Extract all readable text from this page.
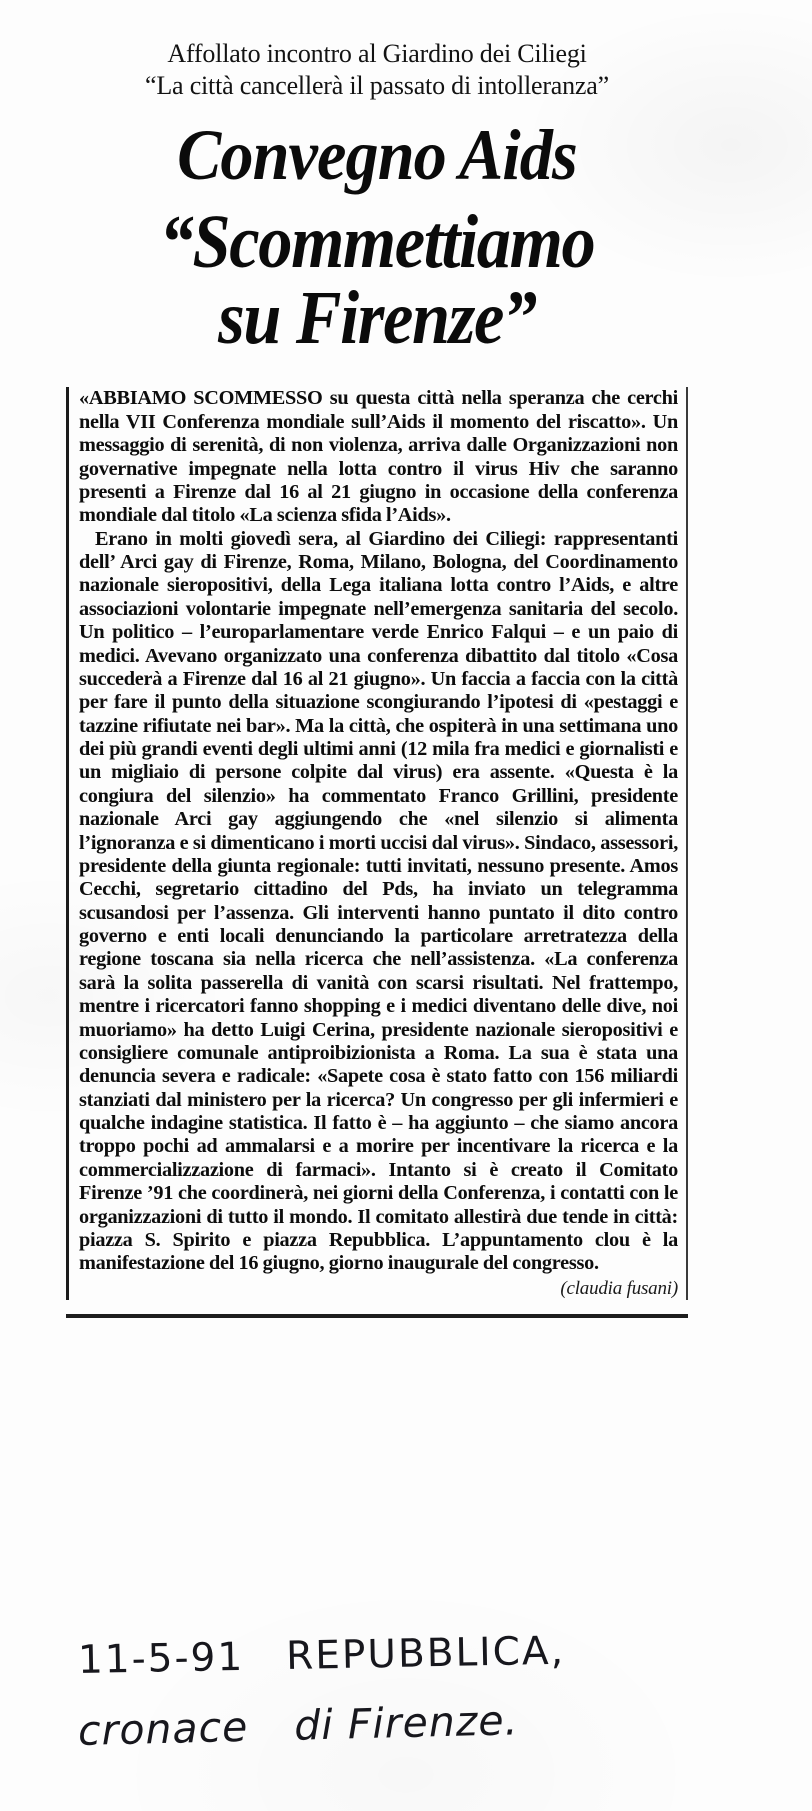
Affollato incontro al Giardino dei Ciliegi
“La città cancellerà il passato di intolleranza”
Convegno Aids
“Scommettiamo
su Firenze”

«ABBIAMO SCOMMESSO su questa città nella speranza che cerchi nella VII Conferenza mondiale sull’Aids il momento del riscatto». Un messaggio di serenità, di non violenza, arriva dalle Organizzazioni non governative impegnate nella lotta contro il virus Hiv che saranno presenti a Firenze dal 16 al 21 giugno in occasione della conferenza mondiale dal titolo «La scienza sfida l’Aids».

Erano in molti giovedì sera, al Giardino dei Ciliegi: rappresentanti dell’ Arci gay di Firenze, Roma, Milano, Bologna, del Coordinamento nazionale sieropositivi, della Lega italiana lotta contro l’Aids, e altre associazioni volontarie impegnate nell’emergenza sanitaria del secolo. Un politico – l’europarlamentare verde Enrico Falqui – e un paio di medici. Avevano organizzato una conferenza dibattito dal titolo «Cosa succederà a Firenze dal 16 al 21 giugno». Un faccia a faccia con la città per fare il punto della situazione scongiurando l’ipotesi di «pestaggi e tazzine rifiutate nei bar». Ma la città, che ospiterà in una settimana uno dei più grandi eventi degli ultimi anni (12 mila fra medici e giornalisti e un migliaio di persone colpite dal virus) era assente. «Questa è la congiura del silenzio» ha commentato Franco Grillini, presidente nazionale Arci gay aggiungendo che «nel silenzio si alimenta l’ignoranza e si dimenticano i morti uccisi dal virus». Sindaco, assessori, presidente della giunta regionale: tutti invitati, nessuno presente. Amos Cecchi, segretario cittadino del Pds, ha inviato un telegramma scusandosi per l’assenza. Gli interventi hanno puntato il dito contro governo e enti locali denunciando la particolare arretratezza della regione toscana sia nella ricerca che nell’assistenza. «La conferenza sarà la solita passerella di vanità con scarsi risultati. Nel frattempo, mentre i ricercatori fanno shopping e i medici diventano delle dive, noi muoriamo» ha detto Luigi Cerina, presidente nazionale sieropositivi e consigliere comunale antiproibizionista a Roma. La sua è stata una denuncia severa e radicale: «Sapete cosa è stato fatto con 156 miliardi stanziati dal ministero per la ricerca? Un congresso per gli infermieri e qualche indagine statistica. Il fatto è – ha aggiunto – che siamo ancora troppo pochi ad ammalarsi e a morire per incentivare la ricerca e la commercializzazione di farmaci». Intanto si è creato il Comitato Firenze ’91 che coordinerà, nei giorni della Conferenza, i contatti con le organizzazioni di tutto il mondo. Il comitato allestirà due tende in città: piazza S. Spirito e piazza Repubblica. L’appuntamento clou è la manifestazione del 16 giugno, giorno inaugurale del congresso.

(claudia fusani)

11-5-91 REPUBBLICA,
cronace di Firenze.
